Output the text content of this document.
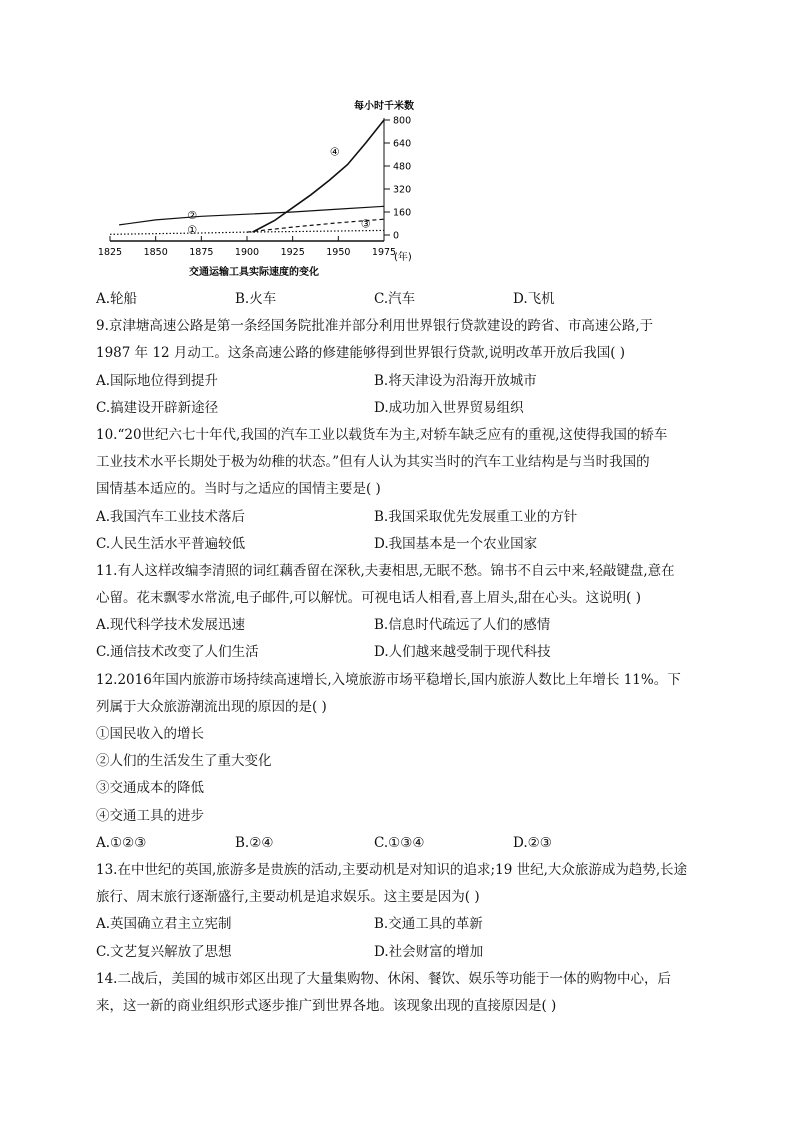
每小时千米数
交通运输工具实际速度的变化
(年)
1825 1850 1875 1900 1925 1950 1975
0
160
320
480
640
800
①
②
③
④
A.轮船	B.火车	C.汽车	D.飞机
9.京津塘高速公路是第一条经国务院批准并部分利用世界银行贷款建设的跨省、市高速公路,于
1987 年 12 月动工。这条高速公路的修建能够得到世界银行贷款,说明改革开放后我国( )
A.国际地位得到提升	B.将天津设为沿海开放城市
C.搞建设开辟新途径	D.成功加入世界贸易组织
10.“20世纪六七十年代,我国的汽车工业以载货车为主,对轿车缺乏应有的重视,这使得我国的轿车
工业技术水平长期处于极为幼稚的状态。”但有人认为其实当时的汽车工业结构是与当时我国的
国情基本适应的。当时与之适应的国情主要是( )
A.我国汽车工业技术落后	B.我国采取优先发展重工业的方针
C.人民生活水平普遍较低	D.我国基本是一个农业国家
11.有人这样改编李清照的词红藕香留在深秋,夫妻相思,无眠不愁。锦书不自云中来,轻敲键盘,意在
心留。花末飘零水常流,电子邮件,可以解忧。可视电话人相看,喜上眉头,甜在心头。这说明( )
A.现代科学技术发展迅速	B.信息时代疏远了人们的感情
C.通信技术改变了人们生活	D.人们越来越受制于现代科技
12.2016年国内旅游市场持续高速增长,入境旅游市场平稳增长,国内旅游人数比上年增长 11%。下
列属于大众旅游潮流出现的原因的是( )
①国民收入的增长
②人们的生活发生了重大变化
③交通成本的降低
④交通工具的进步
A.①②③	B.②④	C.①③④	D.②③
13.在中世纪的英国,旅游多是贵族的活动,主要动机是对知识的追求;19 世纪,大众旅游成为趋势,长途
旅行、周末旅行逐渐盛行,主要动机是追求娱乐。这主要是因为( )
A.英国确立君主立宪制	B.交通工具的革新
C.文艺复兴解放了思想	D.社会财富的增加
14.二战后，美国的城市郊区出现了大量集购物、休闲、餐饮、娱乐等功能于一体的购物中心，后
来，这一新的商业组织形式逐步推广到世界各地。该现象出现的直接原因是( )
